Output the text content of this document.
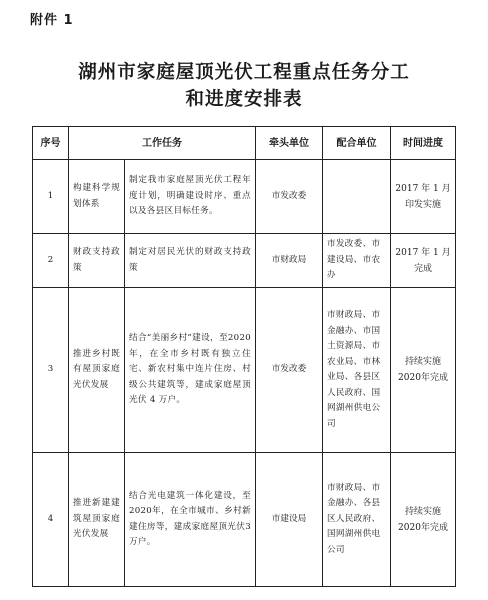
附件 1
湖州市家庭屋顶光伏工程重点任务分工
和进度安排表
序号	工作任务		牵头单位	配合单位	时间进度
1	构建科学规划体系	制定我市家庭屋顶光伏工程年度计划，明确建设时序、重点以及各县区目标任务。	市发改委		2017 年 1 月印发实施
2	财政支持政策	制定对居民光伏的财政支持政策	市财政局	市发改委、市建设局、市农办	2017 年 1 月完成
3	推进乡村既有屋顶家庭光伏发展	结合“美丽乡村”建设，至2020年，在全市乡村既有独立住宅、新农村集中连片住房、村级公共建筑等，建成家庭屋顶光伏 4 万户。	市发改委	市财政局、市金融办、市国土资源局、市农业局、市林业局、各县区人民政府、国网湖州供电公司	持续实施2020年完成
4	推进新建建筑屋顶家庭光伏发展	结合光电建筑一体化建设，至2020年，在全市城市、乡村新建住房等，建成家庭屋顶光伏3万户。	市建设局	市财政局、市金融办、各县区人民政府、国网湖州供电公司	持续实施2020年完成
